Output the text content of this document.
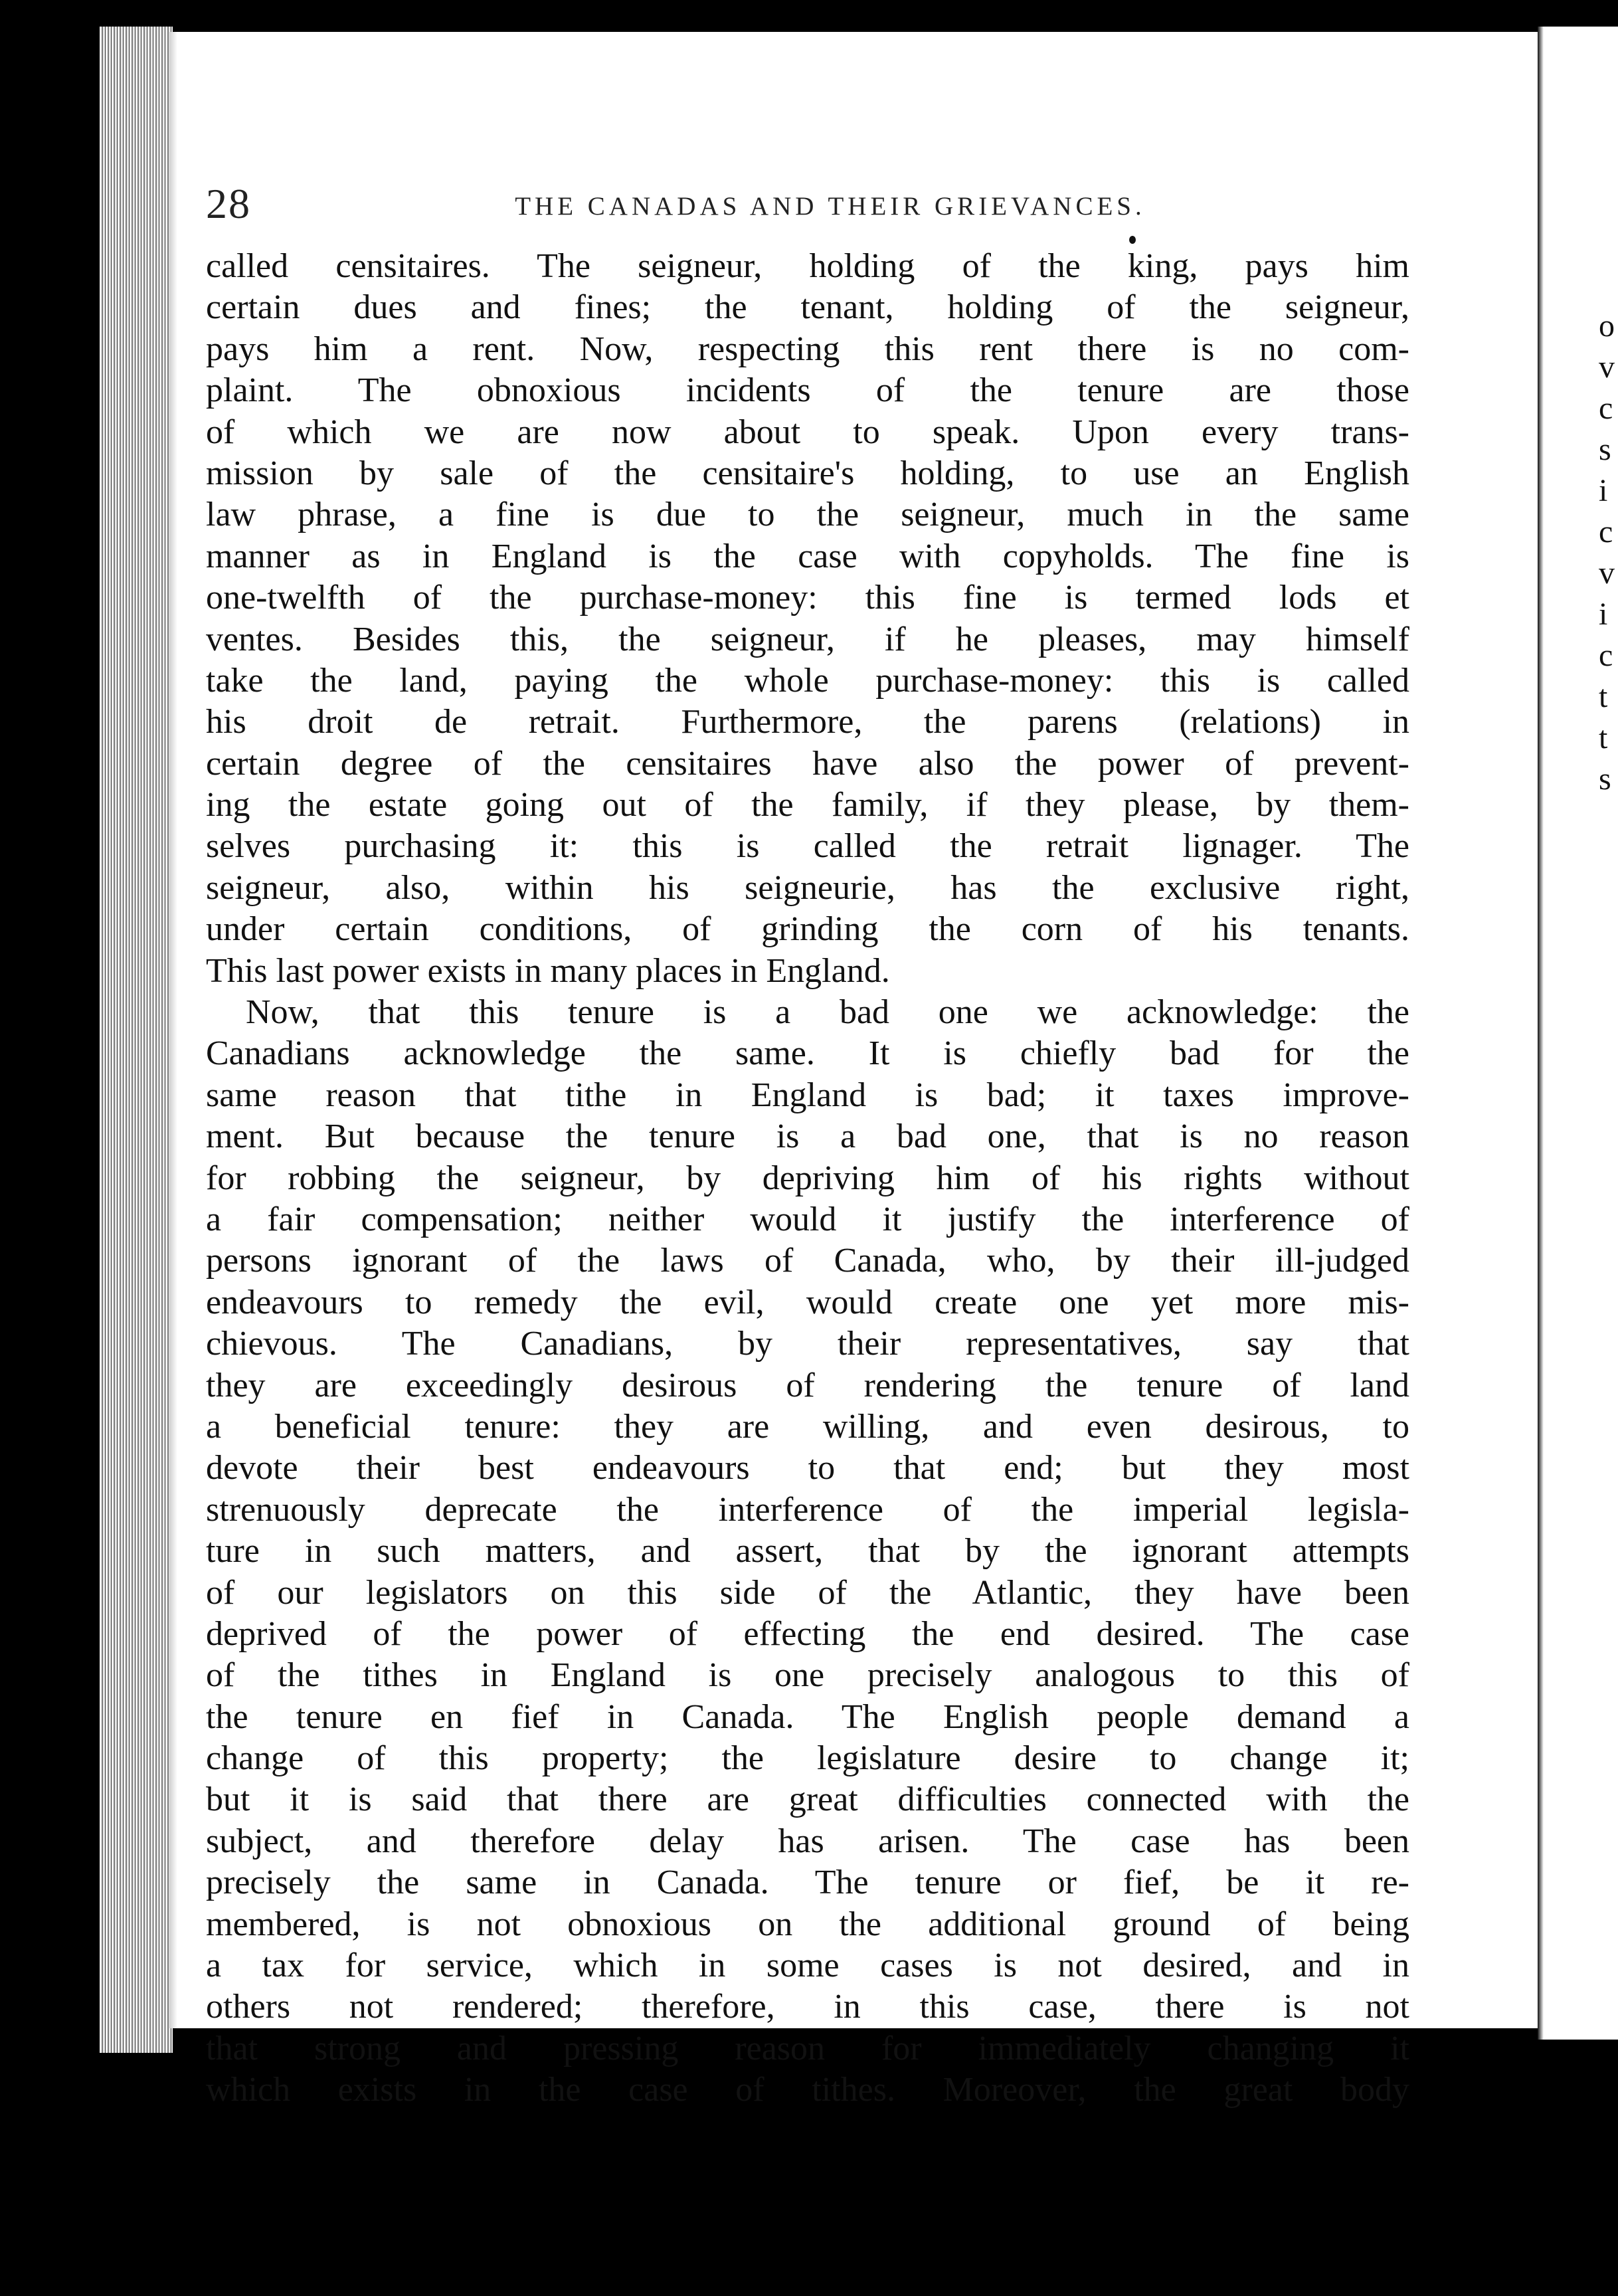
28	THE CANADAS AND THEIR GRIEVANCES.
called censitaires. The seigneur, holding of the king, pays him
certain dues and fines; the tenant, holding of the seigneur,
pays him a rent. Now, respecting this rent there is no com-
plaint. The obnoxious incidents of the tenure are those
of which we are now about to speak. Upon every trans-
mission by sale of the censitaire's holding, to use an English
law phrase, a fine is due to the seigneur, much in the same
manner as in England is the case with copyholds. The fine is
one-twelfth of the purchase-money: this fine is termed lods et
ventes. Besides this, the seigneur, if he pleases, may himself
take the land, paying the whole purchase-money: this is called
his droit de retrait. Furthermore, the parens (relations) in
certain degree of the censitaires have also the power of prevent-
ing the estate going out of the family, if they please, by them-
selves purchasing it: this is called the retrait lignager. The
seigneur, also, within his seigneurie, has the exclusive right,
under certain conditions, of grinding the corn of his tenants.
This last power exists in many places in England.
Now, that this tenure is a bad one we acknowledge: the
Canadians acknowledge the same. It is chiefly bad for the
same reason that tithe in England is bad; it taxes improve-
ment. But because the tenure is a bad one, that is no reason
for robbing the seigneur, by depriving him of his rights without
a fair compensation; neither would it justify the interference of
persons ignorant of the laws of Canada, who, by their ill-judged
endeavours to remedy the evil, would create one yet more mis-
chievous. The Canadians, by their representatives, say that
they are exceedingly desirous of rendering the tenure of land
a beneficial tenure: they are willing, and even desirous, to
devote their best endeavours to that end; but they most
strenuously deprecate the interference of the imperial legisla-
ture in such matters, and assert, that by the ignorant attempts
of our legislators on this side of the Atlantic, they have been
deprived of the power of effecting the end desired. The case
of the tithes in England is one precisely analogous to this of
the tenure en fief in Canada. The English people demand a
change of this property; the legislature desire to change it;
but it is said that there are great difficulties connected with the
subject, and therefore delay has arisen. The case has been
precisely the same in Canada. The tenure or fief, be it re-
membered, is not obnoxious on the additional ground of being
a tax for service, which in some cases is not desired, and in
others not rendered; therefore, in this case, there is not
that strong and pressing reason for immediately changing it
which exists in the case of tithes. Moreover, the great body
o
v
c
s
i
c
v
i
c
t
t
s
